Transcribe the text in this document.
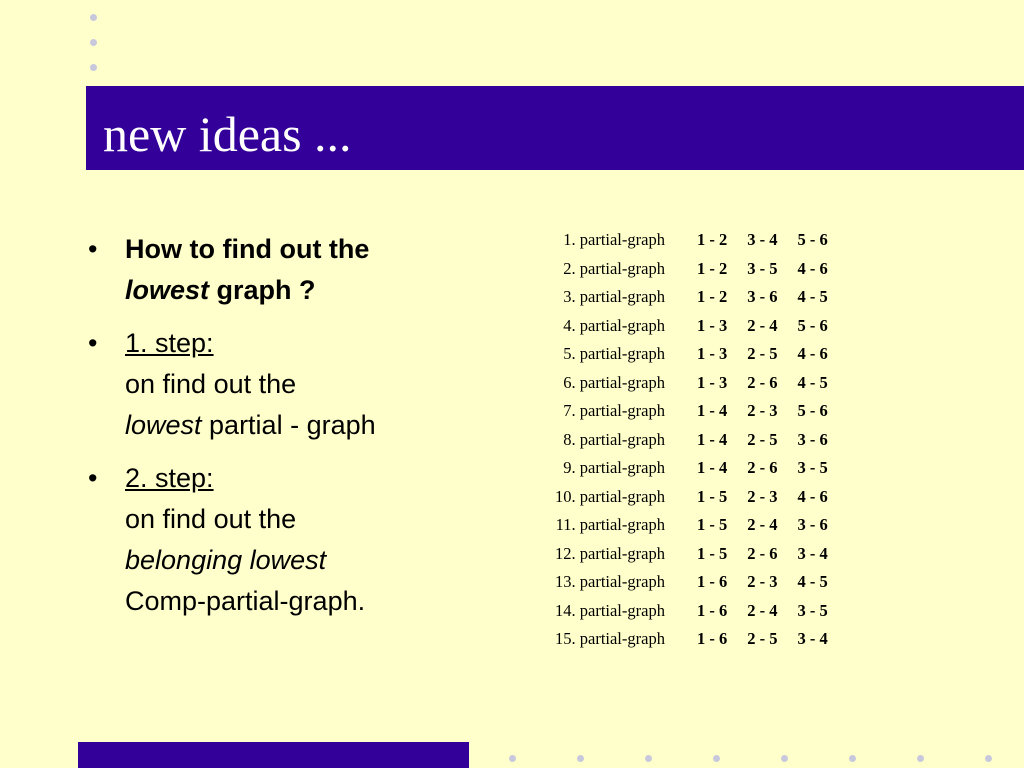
new ideas ...
• How to find out the
lowest graph ?
• 1. step:
on find out the
lowest partial - graph
• 2. step:
on find out the
belonging lowest
Comp-partial-graph.
1. partial-graph	1 - 2	3 - 4	5 - 6
2. partial-graph	1 - 2	3 - 5	4 - 6
3. partial-graph	1 - 2	3 - 6	4 - 5
4. partial-graph	1 - 3	2 - 4	5 - 6
5. partial-graph	1 - 3	2 - 5	4 - 6
6. partial-graph	1 - 3	2 - 6	4 - 5
7. partial-graph	1 - 4	2 - 3	5 - 6
8. partial-graph	1 - 4	2 - 5	3 - 6
9. partial-graph	1 - 4	2 - 6	3 - 5
10. partial-graph	1 - 5	2 - 3	4 - 6
11. partial-graph	1 - 5	2 - 4	3 - 6
12. partial-graph	1 - 5	2 - 6	3 - 4
13. partial-graph	1 - 6	2 - 3	4 - 5
14. partial-graph	1 - 6	2 - 4	3 - 5
15. partial-graph	1 - 6	2 - 5	3 - 4
